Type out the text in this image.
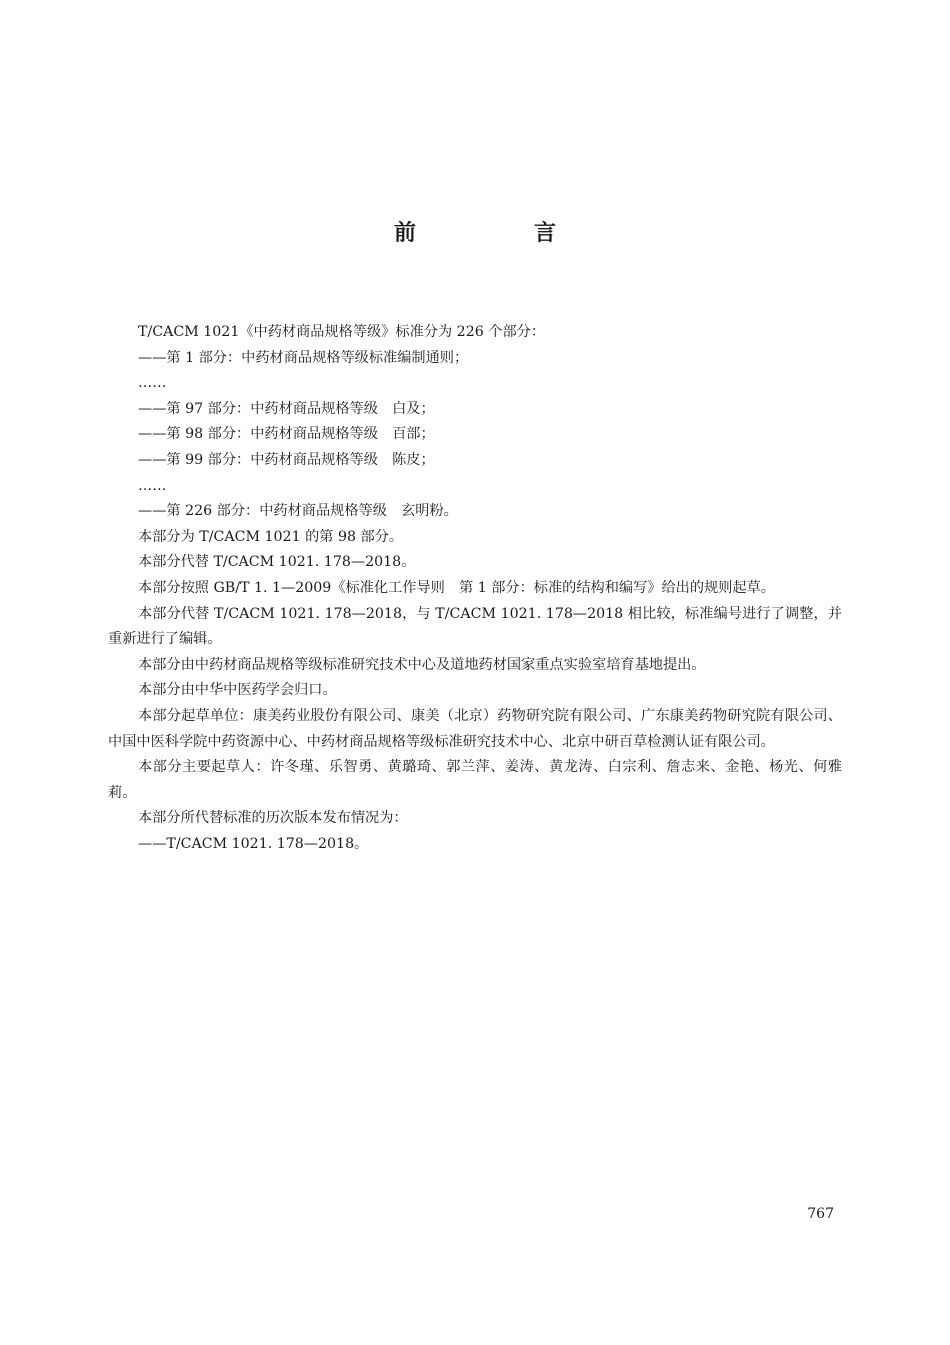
前　言

T/CACM 1021《中药材商品规格等级》标准分为 226 个部分：

——第 1 部分：中药材商品规格等级标准编制通则；

……

——第 97 部分：中药材商品规格等级　白及；

——第 98 部分：中药材商品规格等级　百部；

——第 99 部分：中药材商品规格等级　陈皮；

……

——第 226 部分：中药材商品规格等级　玄明粉。

本部分为 T/CACM 1021 的第 98 部分。

本部分代替 T/CACM 1021. 178—2018。

本部分按照 GB/T 1. 1—2009《标准化工作导则　第 1 部分：标准的结构和编写》给出的规则起草。

本部分代替 T/CACM 1021. 178—2018，与 T/CACM 1021. 178—2018 相比较，标准编号进行了调整，并重新进行了编辑。

本部分由中药材商品规格等级标准研究技术中心及道地药材国家重点实验室培育基地提出。

本部分由中华中医药学会归口。

本部分起草单位：康美药业股份有限公司、康美（北京）药物研究院有限公司、广东康美药物研究院有限公司、中国中医科学院中药资源中心、中药材商品规格等级标准研究技术中心、北京中研百草检测认证有限公司。

本部分主要起草人：许冬瑾、乐智勇、黄璐琦、郭兰萍、姜涛、黄龙涛、白宗利、詹志来、金艳、杨光、何雅莉。

本部分所代替标准的历次版本发布情况为：

——T/CACM 1021. 178—2018。

767
